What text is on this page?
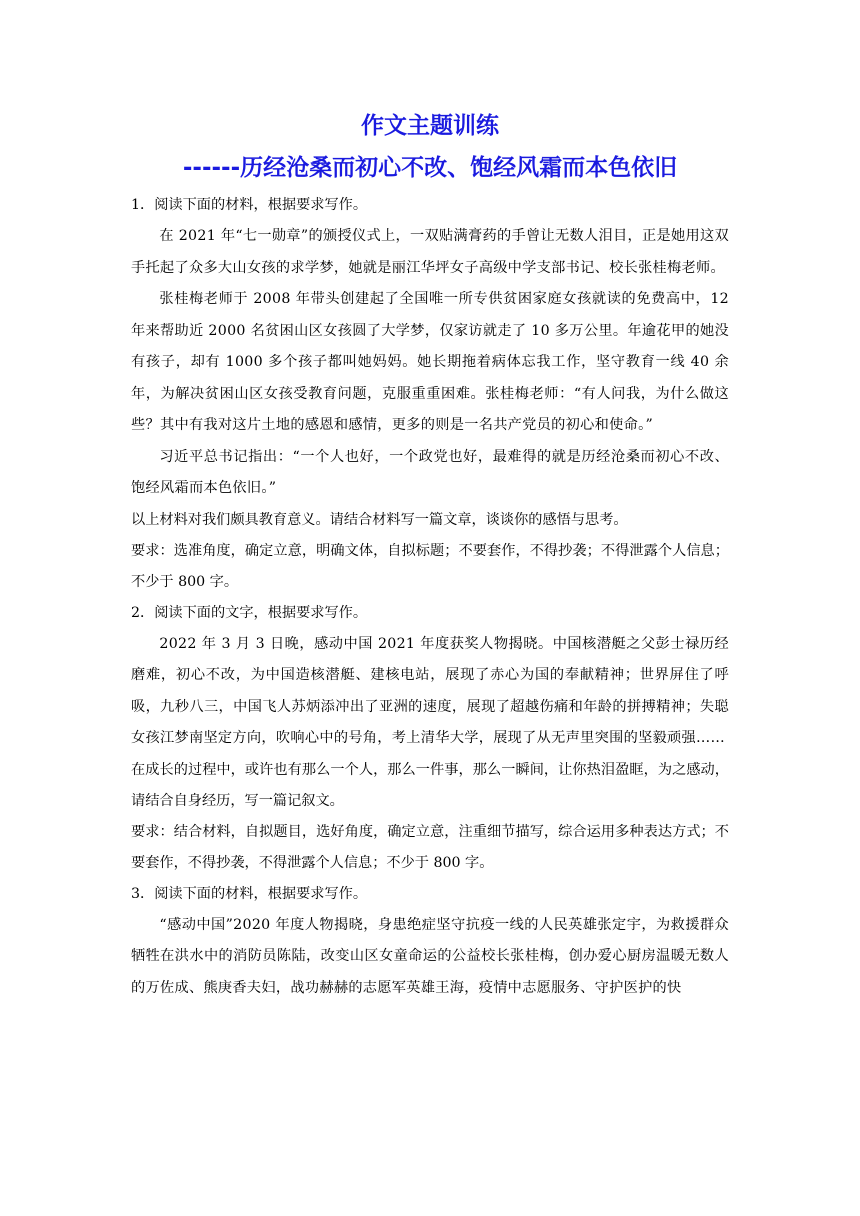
作文主题训练
------历经沧桑而初心不改、饱经风霜而本色依旧

1．阅读下面的材料，根据要求写作。

在 2021 年“七一勋章”的颁授仪式上，一双贴满膏药的手曾让无数人泪目，正是她用这双手托起了众多大山女孩的求学梦，她就是丽江华坪女子高级中学支部书记、校长张桂梅老师。

张桂梅老师于 2008 年带头创建起了全国唯一所专供贫困家庭女孩就读的免费高中，12 年来帮助近 2000 名贫困山区女孩圆了大学梦，仅家访就走了 10 多万公里。年逾花甲的她没有孩子，却有 1000 多个孩子都叫她妈妈。她长期拖着病体忘我工作，坚守教育一线 40 余年，为解决贫困山区女孩受教育问题，克服重重困难。张桂梅老师：“有人问我，为什么做这些？其中有我对这片土地的感恩和感情，更多的则是一名共产党员的初心和使命。”

习近平总书记指出：“一个人也好，一个政党也好，最难得的就是历经沧桑而初心不改、饱经风霜而本色依旧。”

以上材料对我们颇具教育意义。请结合材料写一篇文章，谈谈你的感悟与思考。

要求：选准角度，确定立意，明确文体，自拟标题；不要套作，不得抄袭；不得泄露个人信息；不少于 800 字。

2．阅读下面的文字，根据要求写作。

2022 年 3 月 3 日晚，感动中国 2021 年度获奖人物揭晓。中国核潜艇之父彭士禄历经磨难，初心不改，为中国造核潜艇、建核电站，展现了赤心为国的奉献精神；世界屏住了呼吸，九秒八三，中国飞人苏炳添冲出了亚洲的速度，展现了超越伤痛和年龄的拼搏精神；失聪女孩江梦南坚定方向，吹响心中的号角，考上清华大学，展现了从无声里突围的坚毅顽强……

在成长的过程中，或许也有那么一个人，那么一件事，那么一瞬间，让你热泪盈眶，为之感动，请结合自身经历，写一篇记叙文。

要求：结合材料，自拟题目，选好角度，确定立意，注重细节描写，综合运用多种表达方式；不要套作，不得抄袭，不得泄露个人信息；不少于 800 字。

3．阅读下面的材料，根据要求写作。

“感动中国”2020 年度人物揭晓，身患绝症坚守抗疫一线的人民英雄张定宇，为救援群众牺牲在洪水中的消防员陈陆，改变山区女童命运的公益校长张桂梅，创办爱心厨房温暖无数人的万佐成、熊庚香夫妇，战功赫赫的志愿军英雄王海，疫情中志愿服务、守护医护的快
